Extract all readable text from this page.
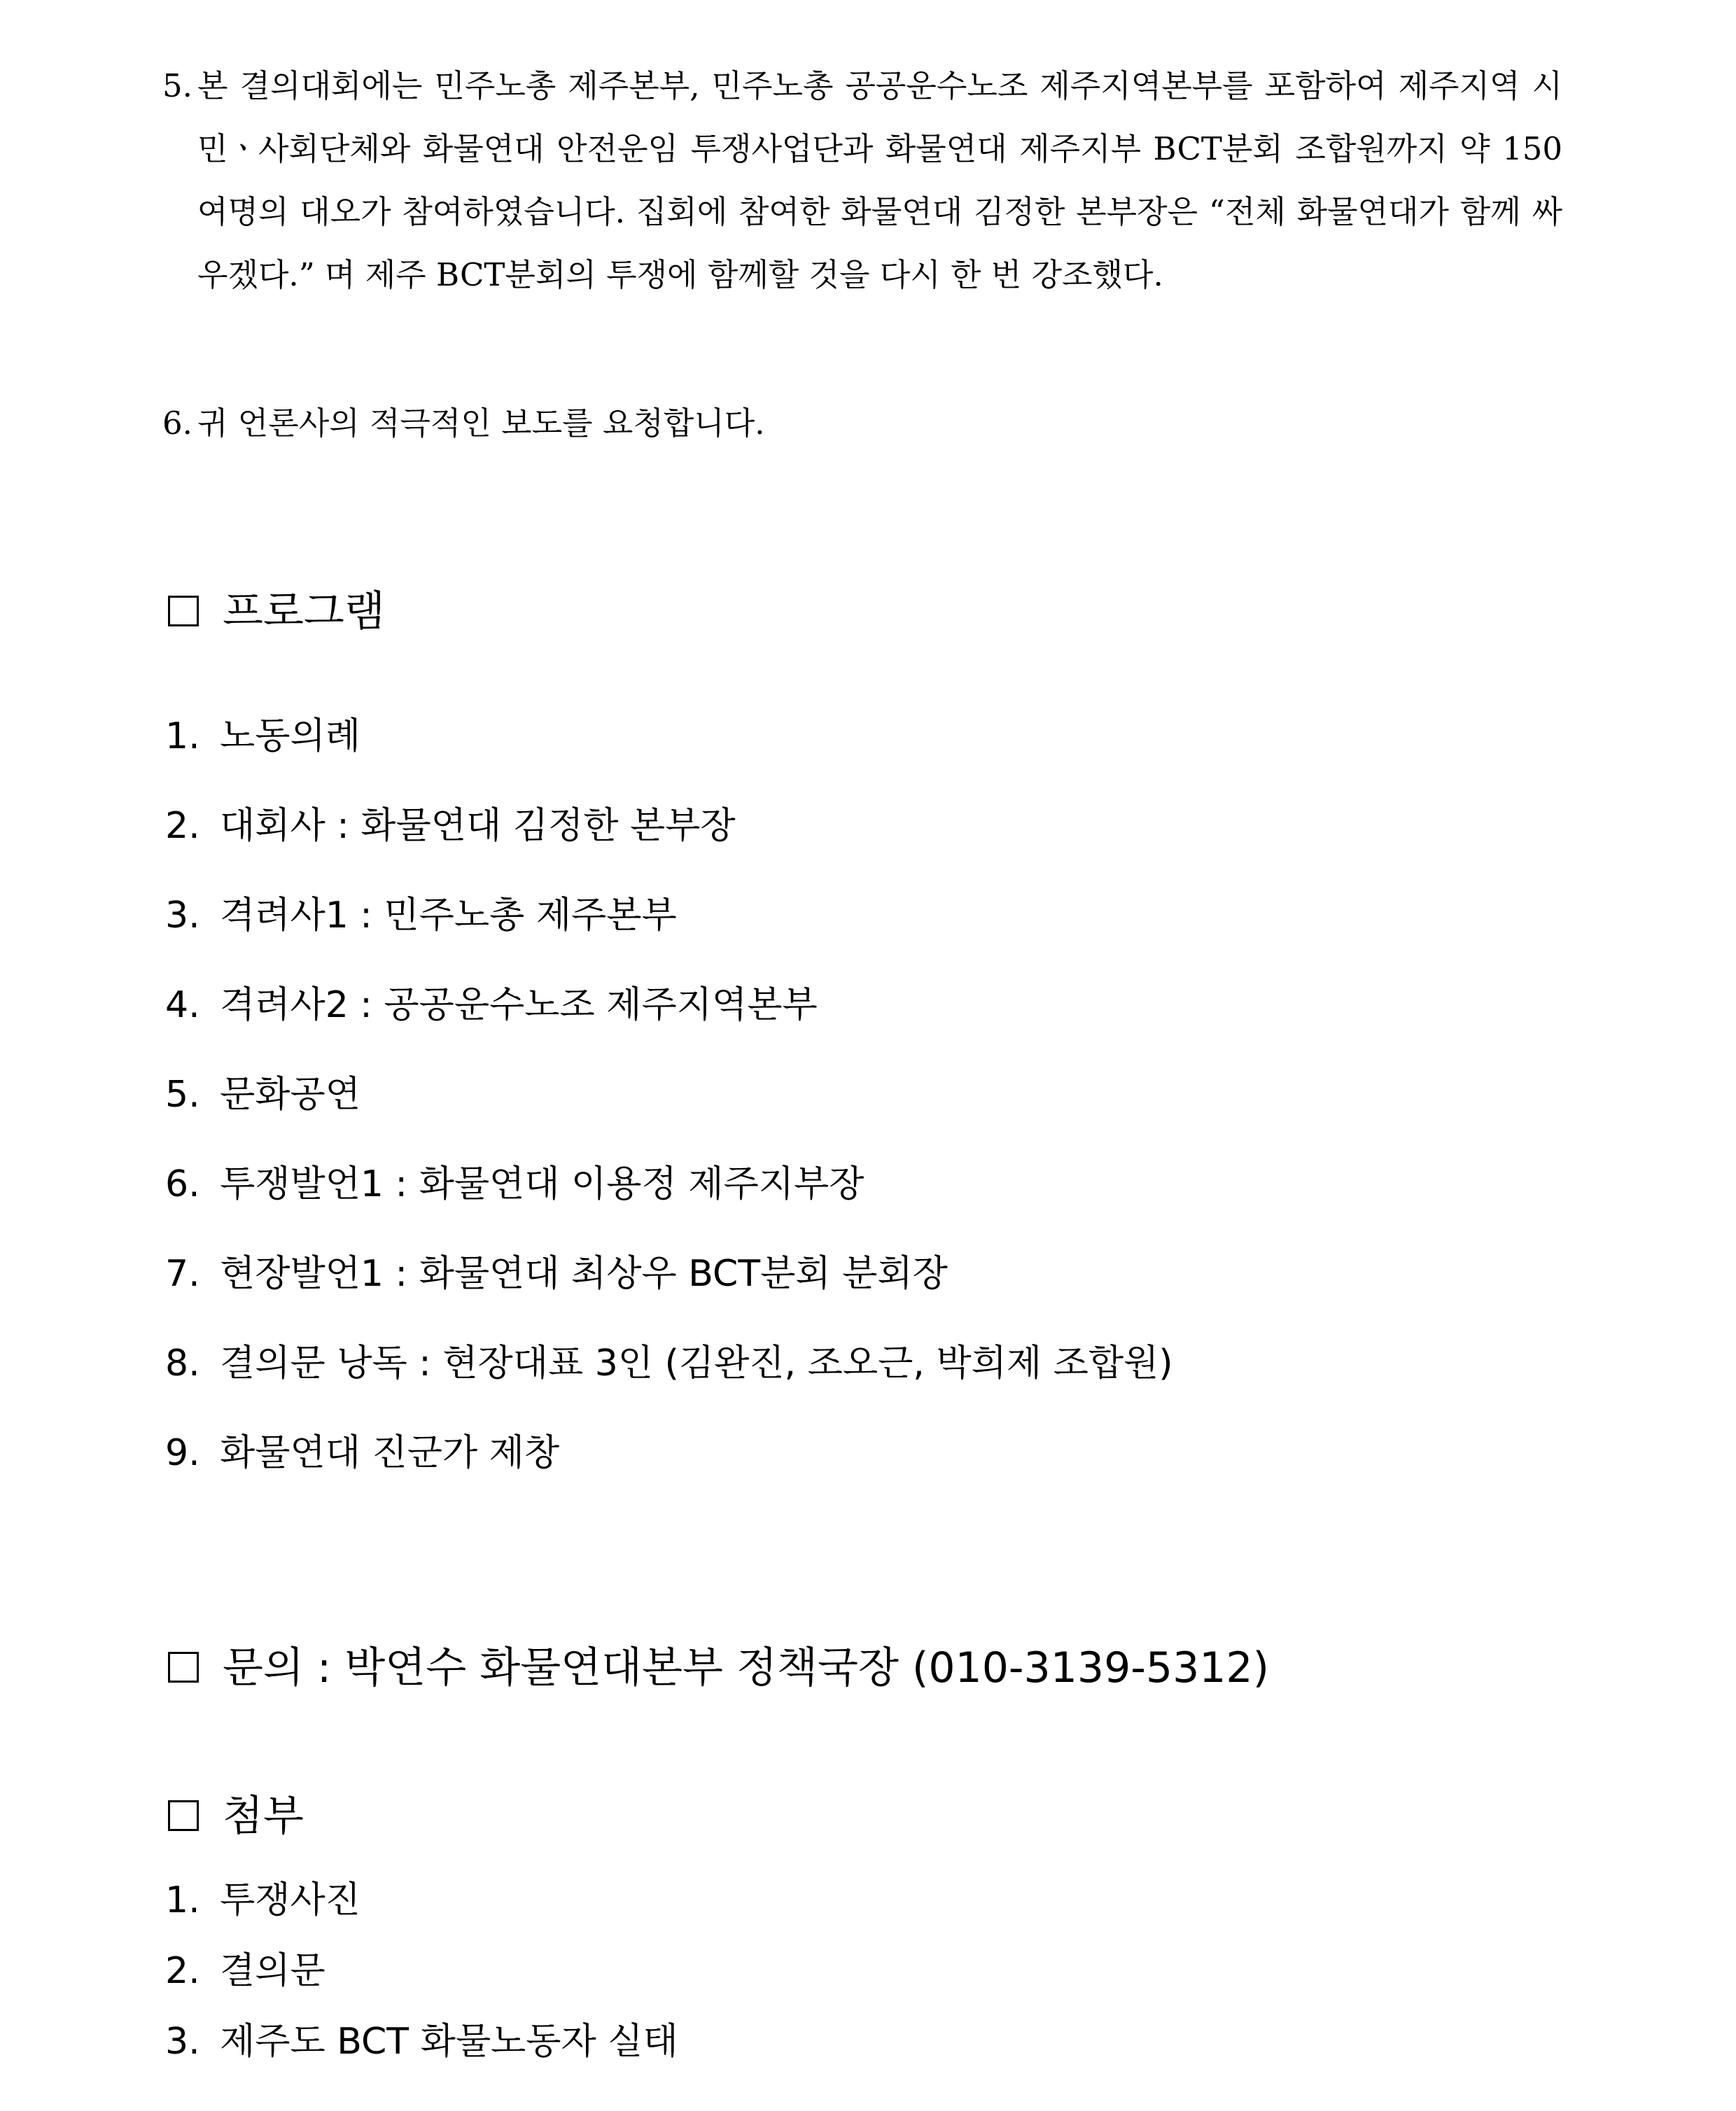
5. 본 결의대회에는 민주노총 제주본부, 민주노총 공공운수노조 제주지역본부를 포함하여 제주지역 시민ㆍ사회단체와 화물연대 안전운임 투쟁사업단과 화물연대 제주지부 BCT분회 조합원까지 약 150여명의 대오가 참여하였습니다. 집회에 참여한 화물연대 김정한 본부장은 “전체 화물연대가 함께 싸우겠다.” 며 제주 BCT분회의 투쟁에 함께할 것을 다시 한 번 강조했다.
6. 귀 언론사의 적극적인 보도를 요청합니다.
프로그램
1. 노동의례
2. 대회사 : 화물연대 김정한 본부장
3. 격려사1 : 민주노총 제주본부
4. 격려사2 : 공공운수노조 제주지역본부
5. 문화공연
6. 투쟁발언1 : 화물연대 이용정 제주지부장
7. 현장발언1 : 화물연대 최상우 BCT분회 분회장
8. 결의문 낭독 : 현장대표 3인 (김완진, 조오근, 박희제 조합원)
9. 화물연대 진군가 제창
문의 : 박연수 화물연대본부 정책국장 (010-3139-5312)
첨부
1. 투쟁사진
2. 결의문
3. 제주도 BCT 화물노동자 실태
